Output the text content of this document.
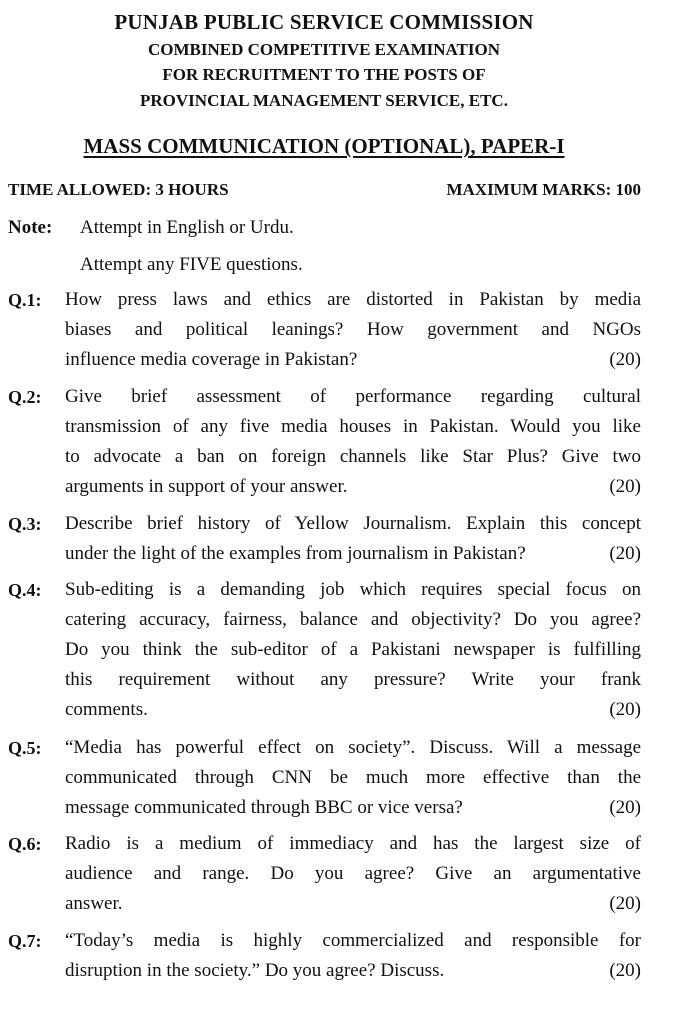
PUNJAB PUBLIC SERVICE COMMISSION
COMBINED COMPETITIVE EXAMINATION
FOR RECRUITMENT TO THE POSTS OF
PROVINCIAL MANAGEMENT SERVICE, ETC.
MASS COMMUNICATION (OPTIONAL), PAPER-I
TIME ALLOWED: 3 HOURS	MAXIMUM MARKS: 100
Note: Attempt in English or Urdu.
Attempt any FIVE questions.
Q.1: How press laws and ethics are distorted in Pakistan by media
biases and political leanings? How government and NGOs
influence media coverage in Pakistan?	(20)
Q.2: Give brief assessment of performance regarding cultural
transmission of any five media houses in Pakistan. Would you like
to advocate a ban on foreign channels like Star Plus? Give two
arguments in support of your answer.	(20)
Q.3: Describe brief history of Yellow Journalism. Explain this concept
under the light of the examples from journalism in Pakistan?	(20)
Q.4: Sub-editing is a demanding job which requires special focus on
catering accuracy, fairness, balance and objectivity? Do you agree?
Do you think the sub-editor of a Pakistani newspaper is fulfilling
this requirement without any pressure? Write your frank
comments.	(20)
Q.5: “Media has powerful effect on society”. Discuss. Will a message
communicated through CNN be much more effective than the
message communicated through BBC or vice versa?	(20)
Q.6: Radio is a medium of immediacy and has the largest size of
audience and range. Do you agree? Give an argumentative
answer.	(20)
Q.7: “Today’s media is highly commercialized and responsible for
disruption in the society.” Do you agree? Discuss.	(20)
